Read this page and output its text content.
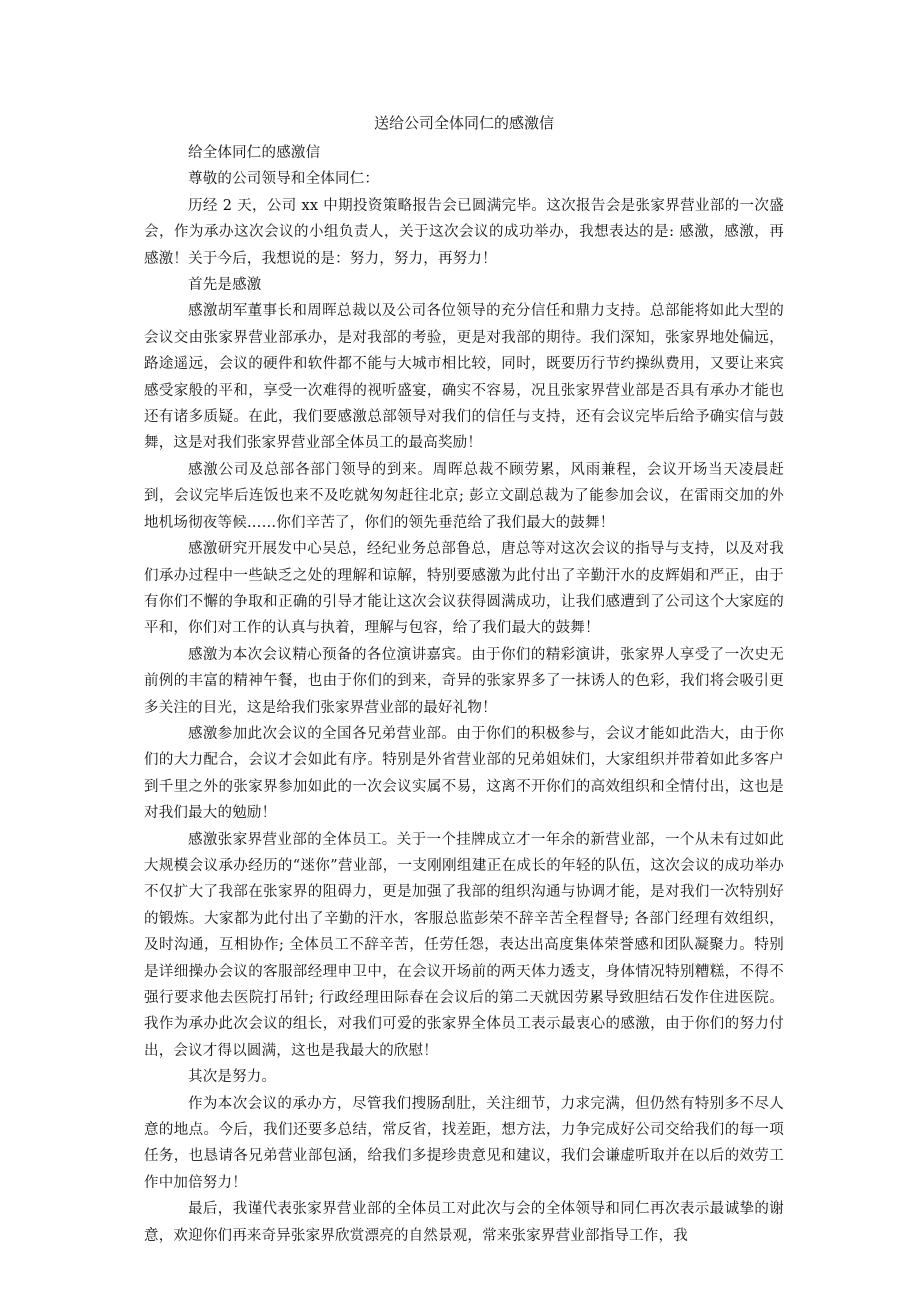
送给公司全体同仁的感激信

给全体同仁的感激信

尊敬的公司领导和全体同仁：

历经 2 天，公司 xx 中期投资策略报告会已圆满完毕。这次报告会是张家界营业部的一次盛会，作为承办这次会议的小组负责人，关于这次会议的成功举办，我想表达的是: 感激，感激，再感激！关于今后，我想说的是：努力，努力，再努力！

首先是感激

感激胡军董事长和周晖总裁以及公司各位领导的充分信任和鼎力支持。总部能将如此大型的会议交由张家界营业部承办，是对我部的考验，更是对我部的期待。我们深知，张家界地处偏远，路途遥远，会议的硬件和软件都不能与大城市相比较，同时，既要历行节约操纵费用，又要让来宾感受家般的平和，享受一次难得的视听盛宴，确实不容易，况且张家界营业部是否具有承办才能也还有诸多质疑。在此，我们要感激总部领导对我们的信任与支持，还有会议完毕后给予确实信与鼓舞，这是对我们张家界营业部全体员工的最高奖励！

感激公司及总部各部门领导的到来。周晖总裁不顾劳累，风雨兼程，会议开场当天凌晨赶到，会议完毕后连饭也来不及吃就匆匆赶往北京; 彭立文副总裁为了能参加会议，在雷雨交加的外地机场彻夜等候……你们辛苦了，你们的领先垂范给了我们最大的鼓舞！

感激研究开展发中心吴总，经纪业务总部鲁总，唐总等对这次会议的指导与支持，以及对我们承办过程中一些缺乏之处的理解和谅解，特别要感激为此付出了辛勤汗水的皮辉娟和严正，由于有你们不懈的争取和正确的引导才能让这次会议获得圆满成功，让我们感遭到了公司这个大家庭的平和，你们对工作的认真与执着，理解与包容，给了我们最大的鼓舞！

感激为本次会议精心预备的各位演讲嘉宾。由于你们的精彩演讲，张家界人享受了一次史无前例的丰富的精神午餐，也由于你们的到来，奇异的张家界多了一抹诱人的色彩，我们将会吸引更多关注的目光，这是给我们张家界营业部的最好礼物！

感激参加此次会议的全国各兄弟营业部。由于你们的积极参与，会议才能如此浩大，由于你们的大力配合，会议才会如此有序。特别是外省营业部的兄弟姐妹们，大家组织并带着如此多客户到千里之外的张家界参加如此的一次会议实属不易，这离不开你们的高效组织和全情付出，这也是对我们最大的勉励！

感激张家界营业部的全体员工。关于一个挂牌成立才一年余的新营业部，一个从未有过如此大规模会议承办经历的“迷你”营业部，一支刚刚组建正在成长的年轻的队伍，这次会议的成功举办不仅扩大了我部在张家界的阻碍力，更是加强了我部的组织沟通与协调才能，是对我们一次特别好的锻炼。大家都为此付出了辛勤的汗水，客服总监彭荣不辞辛苦全程督导; 各部门经理有效组织，及时沟通，互相协作; 全体员工不辞辛苦，任劳任怨，表达出高度集体荣誉感和团队凝聚力。特别是详细操办会议的客服部经理申卫中，在会议开场前的两天体力透支，身体情况特别糟糕，不得不强行要求他去医院打吊针; 行政经理田际春在会议后的第二天就因劳累导致胆结石发作住进医院。我作为承办此次会议的组长，对我们可爱的张家界全体员工表示最衷心的感激，由于你们的努力付出，会议才得以圆满，这也是我最大的欣慰！

其次是努力。

作为本次会议的承办方，尽管我们搜肠刮肚，关注细节，力求完满，但仍然有特别多不尽人意的地点。今后，我们还要多总结，常反省，找差距，想方法，力争完成好公司交给我们的每一项任务，也恳请各兄弟营业部包涵，给我们多提珍贵意见和建议，我们会谦虚听取并在以后的效劳工作中加倍努力！

最后，我谨代表张家界营业部的全体员工对此次与会的全体领导和同仁再次表示最诚挚的谢意，欢迎你们再来奇异张家界欣赏漂亮的自然景观，常来张家界营业部指导工作，我
